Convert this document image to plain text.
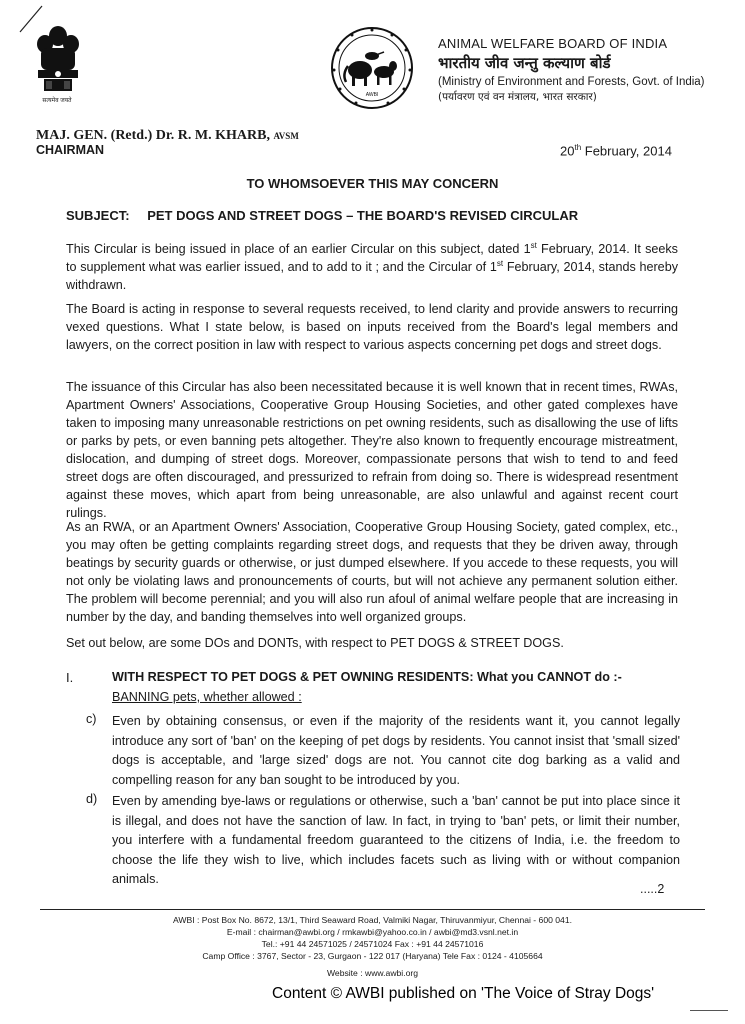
सत्यमेव जयते
AWBI
ANIMAL WELFARE BOARD OF INDIA
भारतीय जीव जन्तु कल्याण बोर्ड
(Ministry of Environment and Forests, Govt. of India)
(पर्यावरण एवं वन मंत्रालय, भारत सरकार)
MAJ. GEN. (Retd.) Dr. R. M. KHARB, AVSM
CHAIRMAN	20th February, 2014
TO WHOMSOEVER THIS MAY CONCERN
SUBJECT: PET DOGS AND STREET DOGS – THE BOARD'S REVISED CIRCULAR
This Circular is being issued in place of an earlier Circular on this subject, dated 1st February, 2014. It seeks to supplement what was earlier issued, and to add to it ; and the Circular of 1st February, 2014, stands hereby withdrawn.
The Board is acting in response to several requests received, to lend clarity and provide answers to recurring vexed questions. What I state below, is based on inputs received from the Board's legal members and lawyers, on the correct position in law with respect to various aspects concerning pet dogs and street dogs.
The issuance of this Circular has also been necessitated because it is well known that in recent times, RWAs, Apartment Owners' Associations, Cooperative Group Housing Societies, and other gated complexes have taken to imposing many unreasonable restrictions on pet owning residents, such as disallowing the use of lifts or parks by pets, or even banning pets altogether. They're also known to frequently encourage mistreatment, dislocation, and dumping of street dogs. Moreover, compassionate persons that wish to tend to and feed street dogs are often discouraged, and pressurized to refrain from doing so. There is widespread resentment against these moves, which apart from being unreasonable, are also unlawful and against recent court rulings.
As an RWA, or an Apartment Owners' Association, Cooperative Group Housing Society, gated complex, etc., you may often be getting complaints regarding street dogs, and requests that they be driven away, through beatings by security guards or otherwise, or just dumped elsewhere. If you accede to these requests, you will not only be violating laws and pronouncements of courts, but will not achieve any permanent solution either. The problem will become perennial; and you will also run afoul of animal welfare people that are increasing in number by the day, and banding themselves into well organized groups.
Set out below, are some DOs and DONTs, with respect to PET DOGS & STREET DOGS.
I.	WITH RESPECT TO PET DOGS & PET OWNING RESIDENTS: What you CANNOT do :-
BANNING pets, whether allowed :
c) Even by obtaining consensus, or even if the majority of the residents want it, you cannot legally introduce any sort of 'ban' on the keeping of pet dogs by residents. You cannot insist that 'small sized' dogs is acceptable, and 'large sized' dogs are not. You cannot cite dog barking as a valid and compelling reason for any ban sought to be introduced by you.
d) Even by amending bye-laws or regulations or otherwise, such a 'ban' cannot be put into place since it is illegal, and does not have the sanction of law. In fact, in trying to 'ban' pets, or limit their number, you interfere with a fundamental freedom guaranteed to the citizens of India, i.e. the freedom to choose the life they wish to live, which includes facets such as living with or without companion animals.
.....2
AWBI : Post Box No. 8672, 13/1, Third Seaward Road, Valmiki Nagar, Thiruvanmiyur, Chennai - 600 041.
E-mail : chairman@awbi.org / rmkawbi@yahoo.co.in / awbi@md3.vsnl.net.in
Tel.: +91 44 24571025 / 24571024 Fax : +91 44 24571016
Camp Office : 3767, Sector - 23, Gurgaon - 122 017 (Haryana) Tele Fax : 0124 - 4105664
Website : www.awbi.org
Content © AWBI published on 'The Voice of Stray Dogs'
